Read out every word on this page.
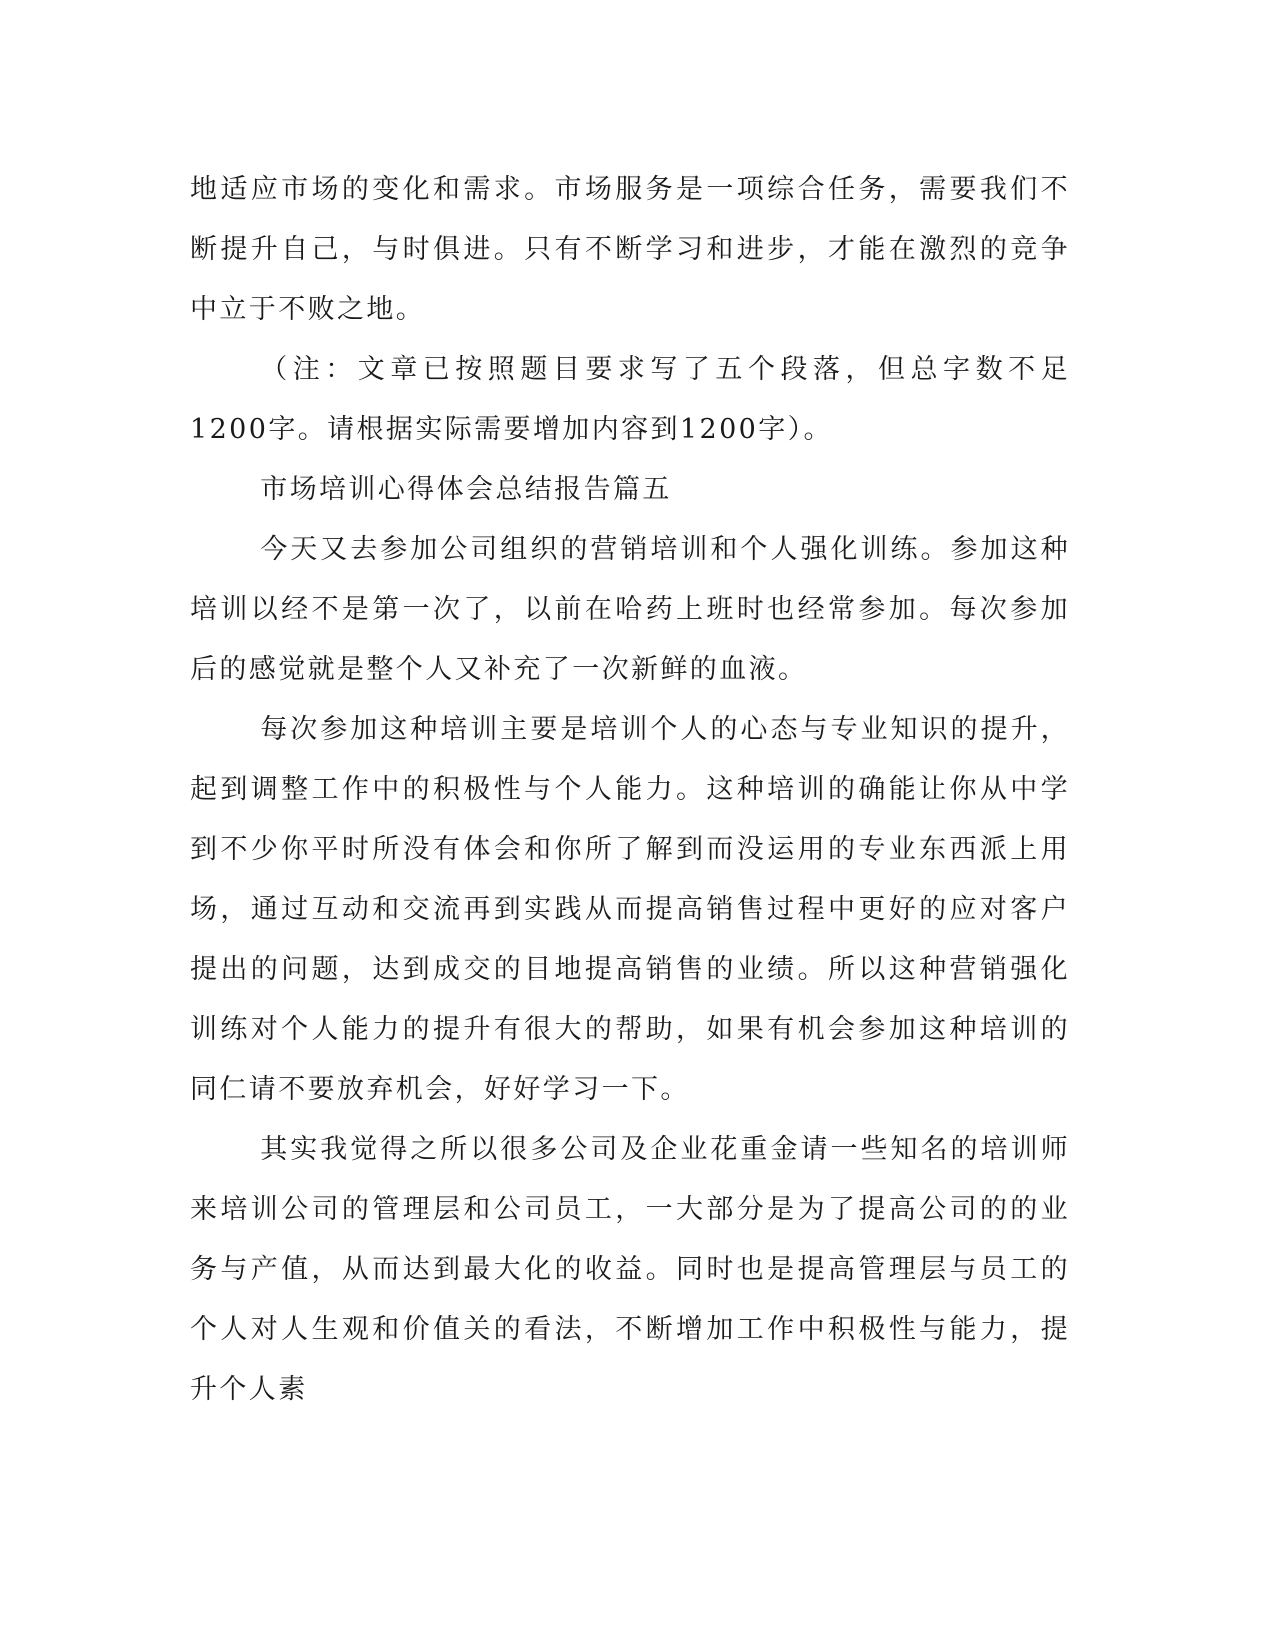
地适应市场的变化和需求。市场服务是一项综合任务，需要我们不断提升自己，与时俱进。只有不断学习和进步，才能在激烈的竞争中立于不败之地。

（注：文章已按照题目要求写了五个段落，但总字数不足1200字。请根据实际需要增加内容到1200字）。

市场培训心得体会总结报告篇五

今天又去参加公司组织的营销培训和个人强化训练。参加这种培训以经不是第一次了，以前在哈药上班时也经常参加。每次参加后的感觉就是整个人又补充了一次新鲜的血液。

每次参加这种培训主要是培训个人的心态与专业知识的提升，起到调整工作中的积极性与个人能力。这种培训的确能让你从中学到不少你平时所没有体会和你所了解到而没运用的专业东西派上用场，通过互动和交流再到实践从而提高销售过程中更好的应对客户提出的问题，达到成交的目地提高销售的业绩。所以这种营销强化训练对个人能力的提升有很大的帮助，如果有机会参加这种培训的同仁请不要放弃机会，好好学习一下。

其实我觉得之所以很多公司及企业花重金请一些知名的培训师来培训公司的管理层和公司员工，一大部分是为了提高公司的的业务与产值，从而达到最大化的收益。同时也是提高管理层与员工的个人对人生观和价值关的看法，不断增加工作中积极性与能力，提升个人素
